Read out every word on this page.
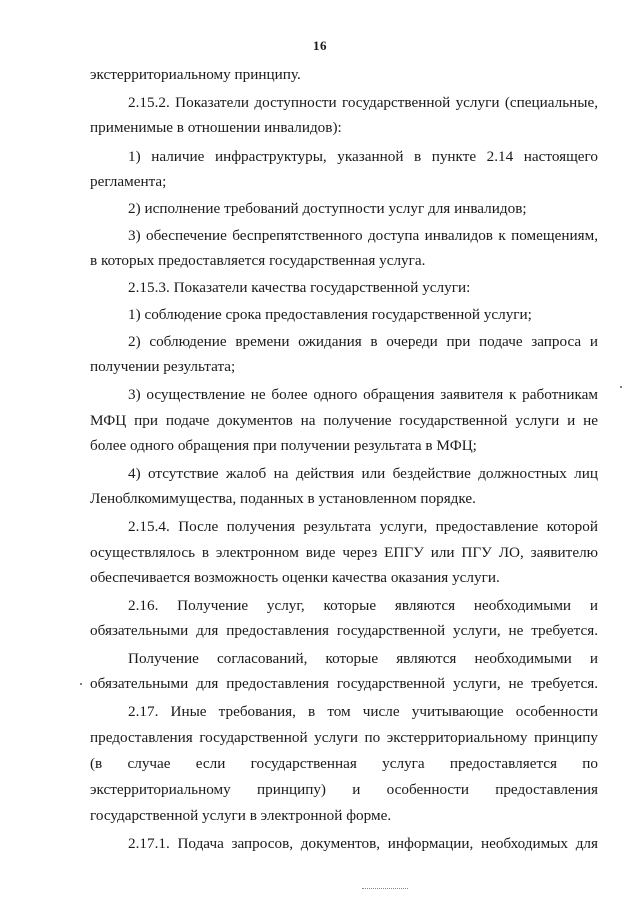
16
экстерриториальному принципу.
2.15.2. Показатели доступности государственной услуги (специальные,
применимые в отношении инвалидов):
1) наличие инфраструктуры, указанной в пункте 2.14 настоящего
регламента;
2) исполнение требований доступности услуг для инвалидов;
3) обеспечение беспрепятственного доступа инвалидов к помещениям,
в которых предоставляется государственная услуга.
2.15.3. Показатели качества государственной услуги:
1) соблюдение срока предоставления государственной услуги;
2) соблюдение времени ожидания в очереди при подаче запроса и
получении результата;
3) осуществление не более одного обращения заявителя к работникам
МФЦ при подаче документов на получение государственной услуги и не
более одного обращения при получении результата в МФЦ;
4) отсутствие жалоб на действия или бездействие должностных лиц
Леноблкомимущества, поданных в установленном порядке.
2.15.4. После получения результата услуги, предоставление которой
осуществлялось в электронном виде через ЕПГУ или ПГУ ЛО, заявителю
обеспечивается возможность оценки качества оказания услуги.
2.16. Получение услуг, которые являются необходимыми и
обязательными для предоставления государственной услуги, не требуется.
Получение согласований, которые являются необходимыми и
обязательными для предоставления государственной услуги, не требуется.
2.17. Иные требования, в том числе учитывающие особенности
предоставления государственной услуги по экстерриториальному принципу
(в случае если государственная услуга предоставляется по
экстерриториальному принципу) и особенности предоставления
государственной услуги в электронной форме.
2.17.1. Подача запросов, документов, информации, необходимых для
